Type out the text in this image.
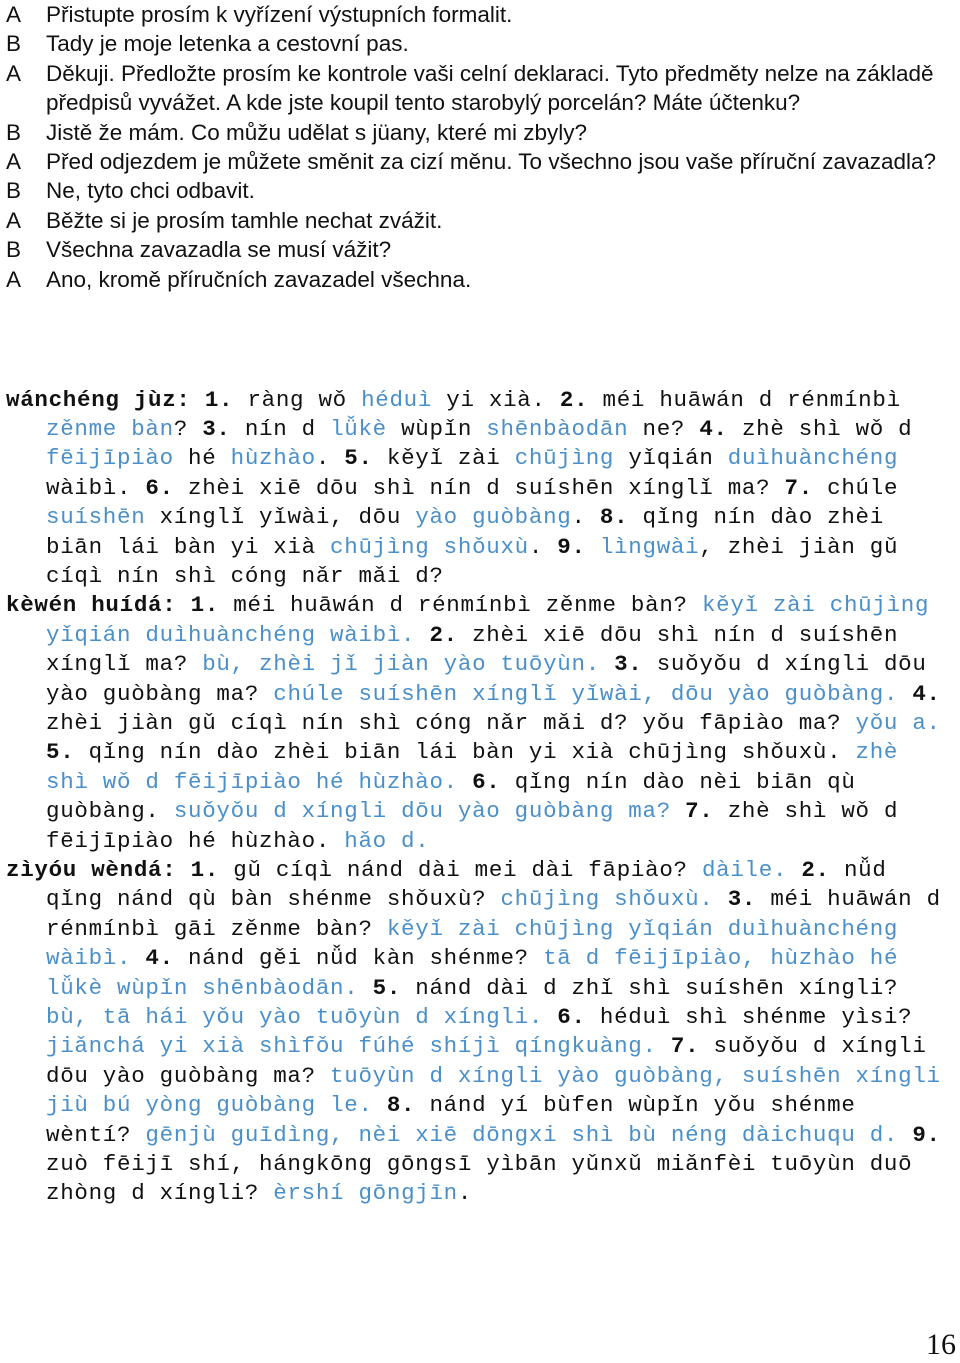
A	Přistupte prosím k vyřízení výstupních formalit.
B	Tady je moje letenka a cestovní pas.
A	Děkuji. Předložte prosím ke kontrole vaši celní deklaraci. Tyto předměty nelze na základě předpisů vyvážet. A kde jste koupil tento starobylý porcelán? Máte účtenku?
B	Jistě že mám. Co můžu udělat s jüany, které mi zbyly?
A	Před odjezdem je můžete směnit za cizí měnu. To všechno jsou vaše příruční zavazadla?
B	Ne, tyto chci odbavit.
A	Běžte si je prosím tamhle nechat zvážit.
B	Všechna zavazadla se musí vážit?
A	Ano, kromě příručních zavazadel všechna.
wánchéng jùz: 1. ràng wǒ héduì yi xià. 2. méi huāwán d rénmínbì zěnme bàn? 3. nín d lǚkè wùpǐn shēnbàodān ne? 4. zhè shì wǒ d fēijīpiào hé hùzhào. 5. kěyǐ zài chūjìng yǐqián duìhuànchéng wàibì. 6. zhèi xiē dōu shì nín d suíshēn xínglǐ ma? 7. chúle suíshēn xínglǐ yǐwài, dōu yào guòbàng. 8. qǐng nín dào zhèi biān lái bàn yi xià chūjìng shǒuxù. 9. lìngwài, zhèi jiàn gǔ cíqì nín shì cóng nǎr mǎi d?
kèwén huídá: 1. méi huāwán d rénmínbì zěnme bàn? kěyǐ zài chūjìng yǐqián duìhuànchéng wàibì. 2. zhèi xiē dōu shì nín d suíshēn xínglǐ ma? bù, zhèi jǐ jiàn yào tuōyùn. 3. suǒyǒu d xíngli dōu yào guòbàng ma? chúle suíshēn xínglǐ yǐwài, dōu yào guòbàng. 4. zhèi jiàn gǔ cíqì nín shì cóng nǎr mǎi d? yǒu fāpiào ma? yǒu a. 5. qǐng nín dào zhèi biān lái bàn yi xià chūjìng shǒuxù. zhè shì wǒ d fēijīpiào hé hùzhào. 6. qǐng nín dào nèi biān qù guòbàng. suǒyǒu d xíngli dōu yào guòbàng ma? 7. zhè shì wǒ d fēijīpiào hé hùzhào. hǎo d.
zìyóu wèndá: 1. gǔ cíqì nánd dài mei dài fāpiào? dàile. 2. nǚd qǐng nánd qù bàn shénme shǒuxù? chūjìng shǒuxù. 3. méi huāwán d rénmínbì gāi zěnme bàn? kěyǐ zài chūjìng yǐqián duìhuànchéng wàibì. 4. nánd gěi nǚd kàn shénme? tā d fēijīpiào, hùzhào hé lǚkè wùpǐn shēnbàodān. 5. nánd dài d zhǐ shì suíshēn xíngli? bù, tā hái yǒu yào tuōyùn d xíngli. 6. héduì shì shénme yìsi? jiǎnchá yi xià shìfǒu fúhé shíjì qíngkuàng. 7. suǒyǒu d xíngli dōu yào guòbàng ma? tuōyùn d xíngli yào guòbàng, suíshēn xíngli jiù bú yòng guòbàng le. 8. nánd yí bùfen wùpǐn yǒu shénme wèntí? gēnjù guīdìng, nèi xiē dōngxi shì bù néng dàichuqu d. 9. zuò fēijī shí, hángkōng gōngsī yìbān yǔnxǔ miǎnfèi tuōyùn duō zhòng d xíngli? èrshí gōngjīn.
16
